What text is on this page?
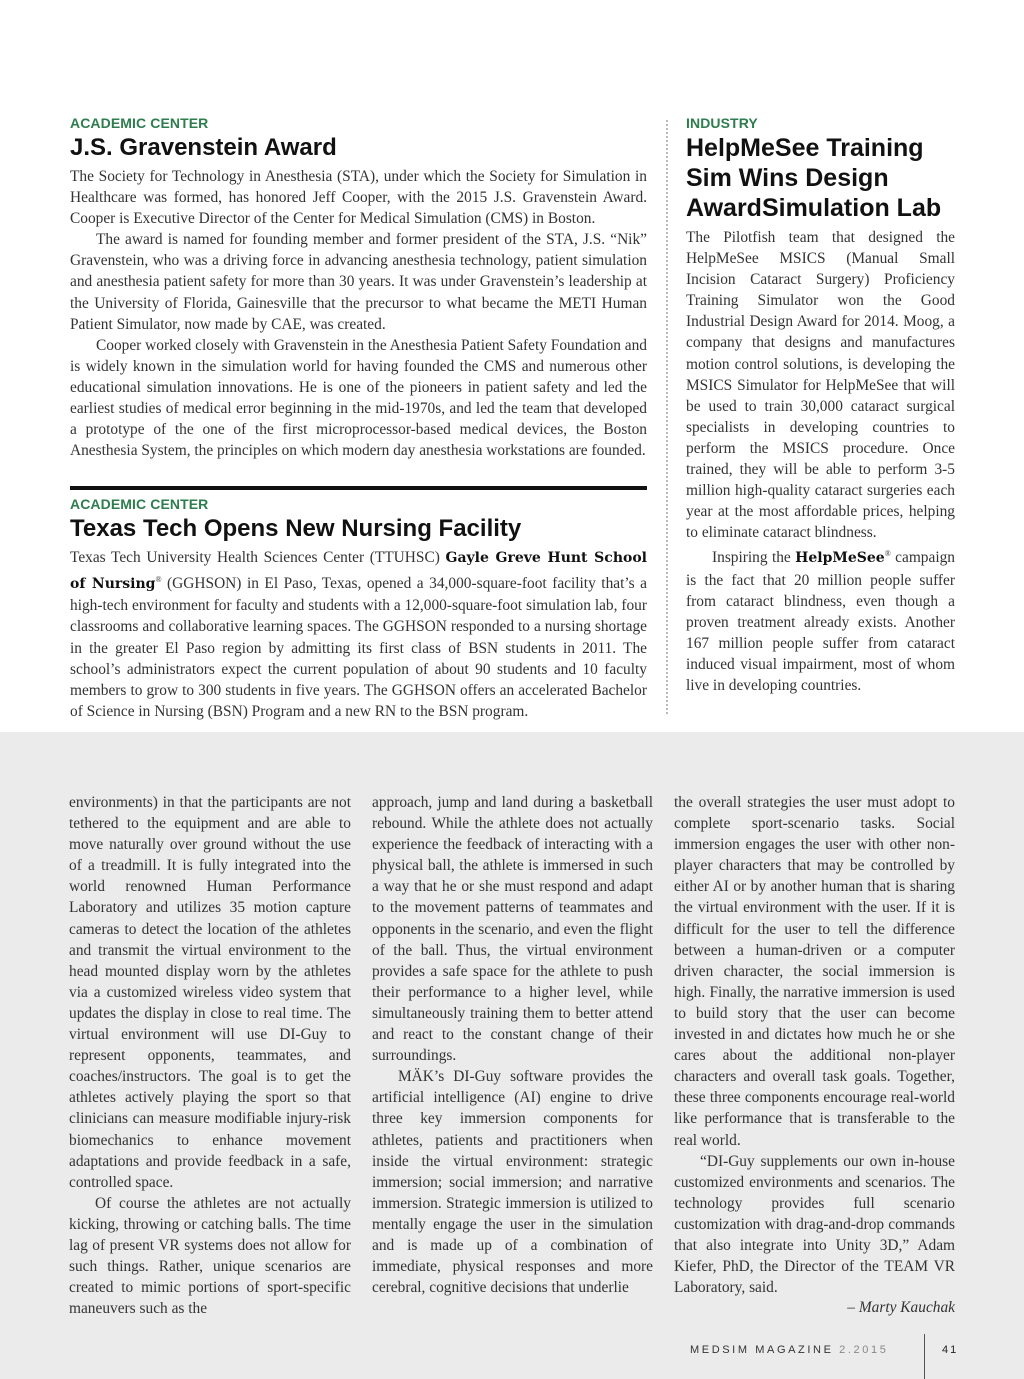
ACADEMIC CENTER
J.S. Gravenstein Award

The Society for Technology in Anesthesia (STA), under which the Society for Simulation in Healthcare was formed, has honored Jeff Cooper, with the 2015 J.S. Gravenstein Award. Cooper is Executive Director of the Center for Medical Simulation (CMS) in Boston.

The award is named for founding member and former president of the STA, J.S. “Nik” Gravenstein, who was a driving force in advancing anesthesia technology, patient simulation and anesthesia patient safety for more than 30 years. It was under Gravenstein’s leadership at the University of Florida, Gainesville that the precursor to what became the METI Human Patient Simulator, now made by CAE, was created.

Cooper worked closely with Gravenstein in the Anesthesia Patient Safety Foundation and is widely known in the simulation world for having founded the CMS and numerous other educational simulation innovations. He is one of the pioneers in patient safety and led the earliest studies of medical error beginning in the mid-1970s, and led the team that developed a prototype of the one of the first microprocessor-based medical devices, the Boston Anesthesia System, the principles on which modern day anesthesia workstations are founded.

ACADEMIC CENTER
Texas Tech Opens New Nursing Facility

Texas Tech University Health Sciences Center (TTUHSC) Gayle Greve Hunt School of Nursing® (GGHSON) in El Paso, Texas, opened a 34,000-square-foot facility that’s a high-tech environment for faculty and students with a 12,000-square-foot simulation lab, four classrooms and collaborative learning spaces. The GGHSON responded to a nursing shortage in the greater El Paso region by admitting its first class of BSN students in 2011. The school’s administrators expect the current population of about 90 students and 10 faculty members to grow to 300 students in five years. The GGHSON offers an accelerated Bachelor of Science in Nursing (BSN) Program and a new RN to the BSN program.

INDUSTRY
HelpMeSee Training Sim Wins Design AwardSimulation Lab

The Pilotfish team that designed the HelpMeSee MSICS (Manual Small Incision Cataract Surgery) Proficiency Training Simulator won the Good Industrial Design Award for 2014. Moog, a company that designs and manufactures motion control solutions, is developing the MSICS Simulator for HelpMeSee that will be used to train 30,000 cataract surgical specialists in developing countries to perform the MSICS procedure. Once trained, they will be able to perform 3-5 million high-quality cataract surgeries each year at the most affordable prices, helping to eliminate cataract blindness.

Inspiring the HelpMeSee® campaign is the fact that 20 million people suffer from cataract blindness, even though a proven treatment already exists. Another 167 million people suffer from cataract induced visual impairment, most of whom live in developing countries.

environments) in that the participants are not tethered to the equipment and are able to move naturally over ground without the use of a treadmill. It is fully integrated into the world renowned Human Performance Laboratory and utilizes 35 motion capture cameras to detect the location of the athletes and transmit the virtual environment to the head mounted display worn by the athletes via a customized wireless video system that updates the display in close to real time. The virtual environment will use DI-Guy to represent opponents, teammates, and coaches/instructors. The goal is to get the athletes actively playing the sport so that clinicians can measure modifiable injury-risk biomechanics to enhance movement adaptations and provide feedback in a safe, controlled space.

Of course the athletes are not actually kicking, throwing or catching balls. The time lag of present VR systems does not allow for such things. Rather, unique scenarios are created to mimic portions of sport-specific maneuvers such as the

approach, jump and land during a basketball rebound. While the athlete does not actually experience the feedback of interacting with a physical ball, the athlete is immersed in such a way that he or she must respond and adapt to the movement patterns of teammates and opponents in the scenario, and even the flight of the ball. Thus, the virtual environment provides a safe space for the athlete to push their performance to a higher level, while simultaneously training them to better attend and react to the constant change of their surroundings.

MÄK’s DI-Guy software provides the artificial intelligence (AI) engine to drive three key immersion components for athletes, patients and practitioners when inside the virtual environment: strategic immersion; social immersion; and narrative immersion. Strategic immersion is utilized to mentally engage the user in the simulation and is made up of a combination of immediate, physical responses and more cerebral, cognitive decisions that underlie

the overall strategies the user must adopt to complete sport-scenario tasks. Social immersion engages the user with other non-player characters that may be controlled by either AI or by another human that is sharing the virtual environment with the user. If it is difficult for the user to tell the difference between a human-driven or a computer driven character, the social immersion is high. Finally, the narrative immersion is used to build story that the user can become invested in and dictates how much he or she cares about the additional non-player characters and overall task goals. Together, these three components encourage real-world like performance that is transferable to the real world.

“DI-Guy supplements our own in-house customized environments and scenarios. The technology provides full scenario customization with drag-and-drop commands that also integrate into Unity 3D,” Adam Kiefer, PhD, the Director of the TEAM VR Laboratory, said.

– Marty Kauchak
MEDSIM MAGAZINE 2.2015	41
